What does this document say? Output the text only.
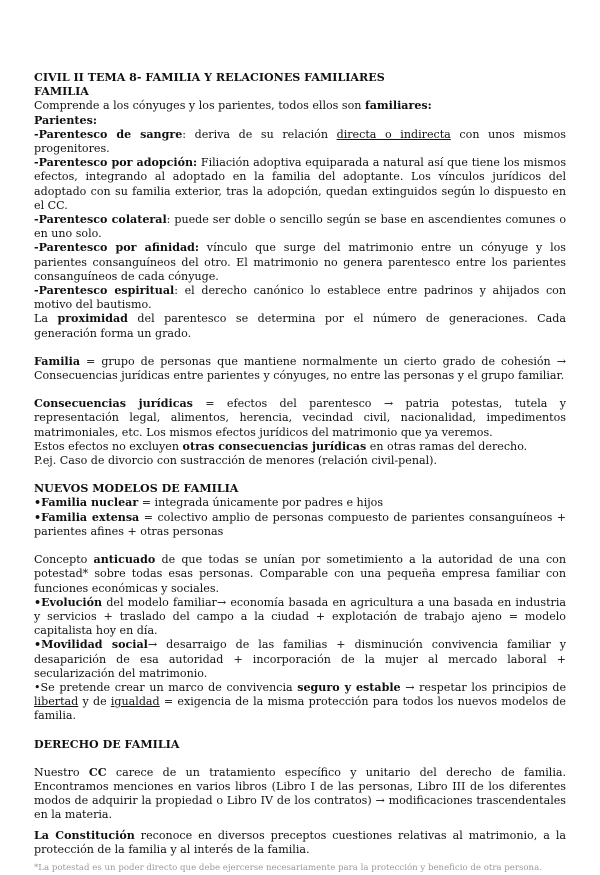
CIVIL II TEMA 8- FAMILIA Y RELACIONES FAMILIARES

FAMILIA

Comprende a los cónyuges y los parientes, todos ellos son familiares:

Parientes:

-Parentesco de sangre: deriva de su relación directa o indirecta con unos mismos progenitores.

-Parentesco por adopción: Filiación adoptiva equiparada a natural así que tiene los mismos efectos, integrando al adoptado en la familia del adoptante. Los vínculos jurídicos del adoptado con su familia exterior, tras la adopción, quedan extinguidos según lo dispuesto en el CC.

-Parentesco colateral: puede ser doble o sencillo según se base en ascendientes comunes o en uno solo.

-Parentesco por afinidad: vínculo que surge del matrimonio entre un cónyuge y los parientes consanguíneos del otro. El matrimonio no genera parentesco entre los parientes consanguíneos de cada cónyuge.

-Parentesco espiritual: el derecho canónico lo establece entre padrinos y ahijados con motivo del bautismo.

La proximidad del parentesco se determina por el número de generaciones. Cada generación forma un grado.

Familia = grupo de personas que mantiene normalmente un cierto grado de cohesión → Consecuencias jurídicas entre parientes y cónyuges, no entre las personas y el grupo familiar.

Consecuencias jurídicas = efectos del parentesco → patria potestas, tutela y representación legal, alimentos, herencia, vecindad civil, nacionalidad, impedimentos matrimoniales, etc. Los mismos efectos jurídicos del matrimonio que ya veremos.

Estos efectos no excluyen otras consecuencias jurídicas en otras ramas del derecho.

P.ej. Caso de divorcio con sustracción de menores (relación civil-penal).

NUEVOS MODELOS DE FAMILIA

•Familia nuclear = integrada únicamente por padres e hijos

•Familia extensa = colectivo amplio de personas compuesto de parientes consanguíneos + parientes afines + otras personas

Concepto anticuado de que todas se unían por sometimiento a la autoridad de una con potestad* sobre todas esas personas. Comparable con una pequeña empresa familiar con funciones económicas y sociales.

•Evolución del modelo familiar→ economía basada en agricultura a una basada en industria y servicios + traslado del campo a la ciudad + explotación de trabajo ajeno = modelo capitalista hoy en día.

•Movilidad social→ desarraigo de las familias + disminución convivencia familiar y desaparición de esa autoridad + incorporación de la mujer al mercado laboral + secularización del matrimonio.

•Se pretende crear un marco de convivencia seguro y estable → respetar los principios de libertad y de igualdad = exigencia de la misma protección para todos los nuevos modelos de familia.

DERECHO DE FAMILIA

Nuestro CC carece de un tratamiento específico y unitario del derecho de familia. Encontramos menciones en varios libros (Libro I de las personas, Libro III de los diferentes modos de adquirir la propiedad o Libro IV de los contratos) → modificaciones trascendentales en la materia.

La Constitución reconoce en diversos preceptos cuestiones relativas al matrimonio, a la protección de la familia y al interés de la familia.

*La potestad es un poder directo que debe ejercerse necesariamente para la protección y beneficio de otra persona.
